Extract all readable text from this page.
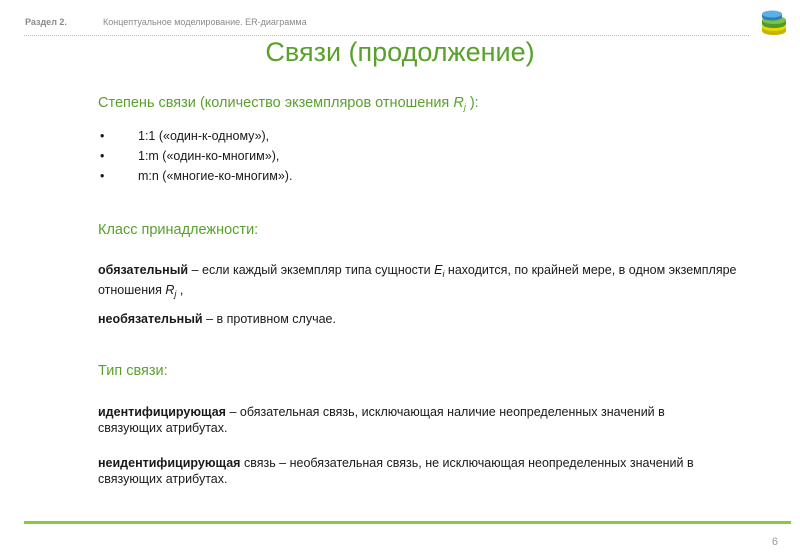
Раздел 2.	Концептуальное моделирование. ER-диаграмма
Связи (продолжение)
Степень связи (количество экземпляров отношения $R_j$ ):
• 1:1 («один-к-одному»),
• 1:m («один-ко-многим»),
• m:n («многие-ко-многим»).
Класс принадлежности:
обязательный – если каждый экземпляр типа сущности $E_i$ находится, по крайней мере, в одном экземпляре отношения $R_j$ ,
необязательный – в противном случае.
Тип связи:
идентифицирующая – обязательная связь, исключающая наличие неопределенных значений в связующих атрибутах.
неидентифицирующая связь – необязательная связь, не исключающая неопределенных значений в связующих атрибутах.
6
